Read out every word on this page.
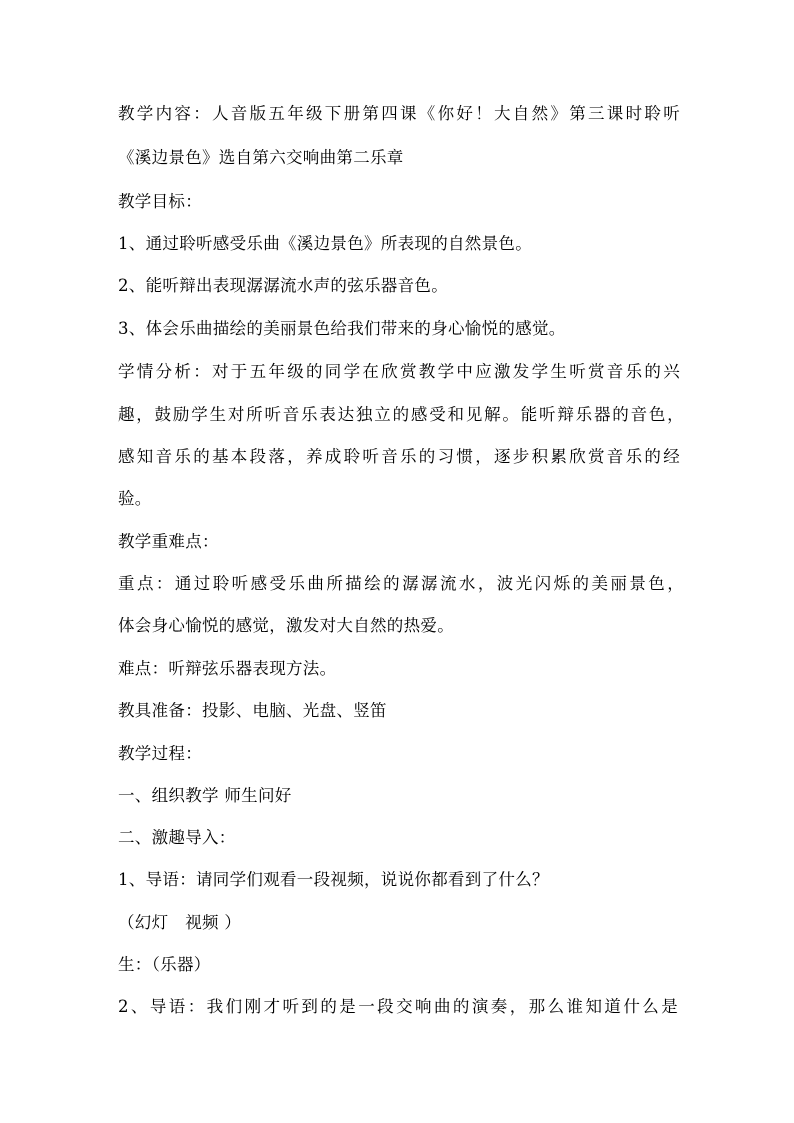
教学内容：人音版五年级下册第四课《你好！大自然》第三课时聆听

《溪边景色》选自第六交响曲第二乐章

教学目标：

1、通过聆听感受乐曲《溪边景色》所表现的自然景色。

2、能听辩出表现潺潺流水声的弦乐器音色。

3、体会乐曲描绘的美丽景色给我们带来的身心愉悦的感觉。

学情分析：对于五年级的同学在欣赏教学中应激发学生听赏音乐的兴

趣，鼓励学生对所听音乐表达独立的感受和见解。能听辩乐器的音色，

感知音乐的基本段落，养成聆听音乐的习惯，逐步积累欣赏音乐的经

验。

教学重难点：

重点：通过聆听感受乐曲所描绘的潺潺流水，波光闪烁的美丽景色，

体会身心愉悦的感觉，激发对大自然的热爱。

难点：听辩弦乐器表现方法。

教具准备：投影、电脑、光盘、竖笛

教学过程：

一、组织教学 师生问好

二、激趣导入：

1、导语：请同学们观看一段视频，说说你都看到了什么？

（幻灯　视频 ）

生：（乐器）

2、导语：我们刚才听到的是一段交响曲的演奏，那么谁知道什么是
